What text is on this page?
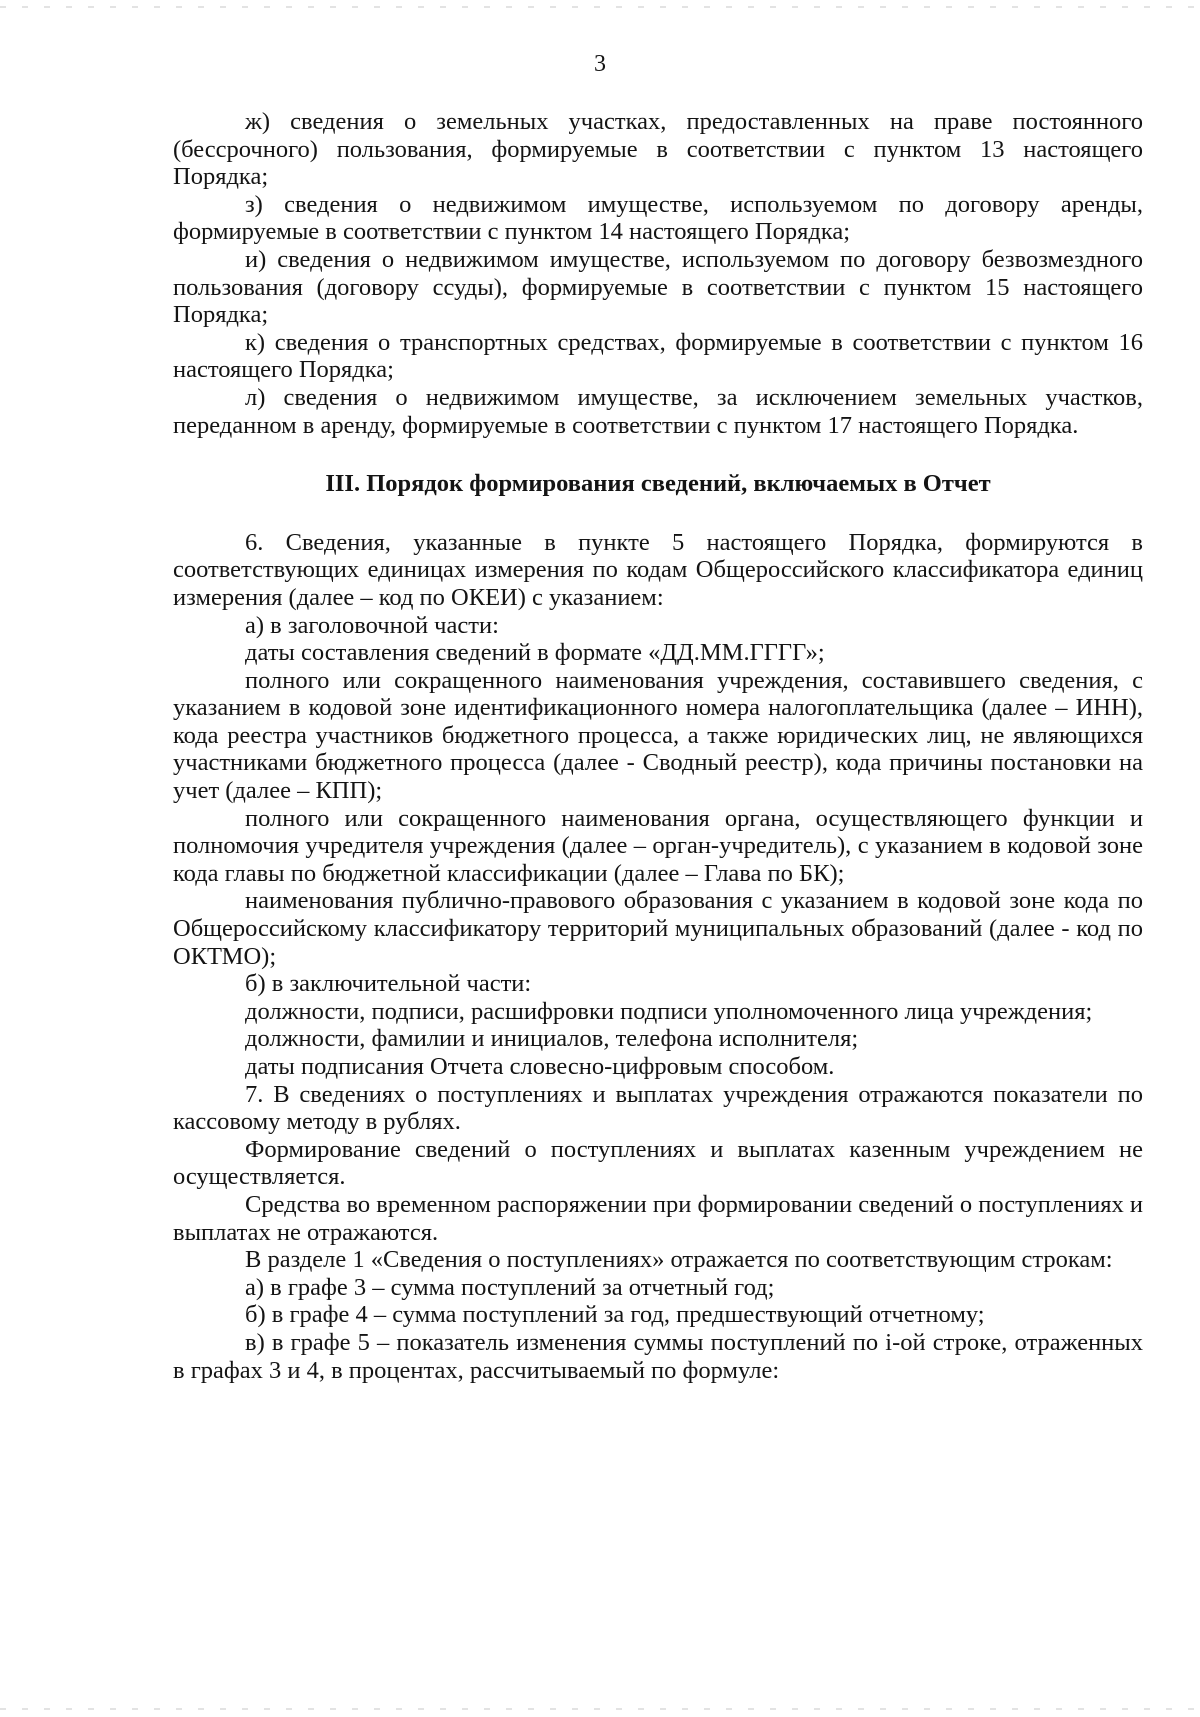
3

ж) сведения о земельных участках, предоставленных на праве постоянного (бессрочного) пользования, формируемые в соответствии с пунктом 13 настоящего Порядка;

з) сведения о недвижимом имуществе, используемом по договору аренды, формируемые в соответствии с пунктом 14 настоящего Порядка;

и) сведения о недвижимом имуществе, используемом по договору безвозмездного пользования (договору ссуды), формируемые в соответствии с пунктом 15 настоящего Порядка;

к) сведения о транспортных средствах, формируемые в соответствии с пунктом 16 настоящего Порядка;

л) сведения о недвижимом имуществе, за исключением земельных участков, переданном в аренду, формируемые в соответствии с пунктом 17 настоящего Порядка.

III. Порядок формирования сведений, включаемых в Отчет

6. Сведения, указанные в пункте 5 настоящего Порядка, формируются в соответствующих единицах измерения по кодам Общероссийского классификатора единиц измерения (далее – код по ОКЕИ) с указанием:

а) в заголовочной части:

даты составления сведений в формате «ДД.ММ.ГГГГ»;

полного или сокращенного наименования учреждения, составившего сведения, с указанием в кодовой зоне идентификационного номера налогоплательщика (далее – ИНН), кода реестра участников бюджетного процесса, а также юридических лиц, не являющихся участниками бюджетного процесса (далее - Сводный реестр), кода причины постановки на учет (далее – КПП);

полного или сокращенного наименования органа, осуществляющего функции и полномочия учредителя учреждения (далее – орган-учредитель), с указанием в кодовой зоне кода главы по бюджетной классификации (далее – Глава по БК);

наименования публично-правового образования с указанием в кодовой зоне кода по Общероссийскому классификатору территорий муниципальных образований (далее - код по ОКТМО);

б) в заключительной части:

должности, подписи, расшифровки подписи уполномоченного лица учреждения;

должности, фамилии и инициалов, телефона исполнителя;

даты подписания Отчета словесно-цифровым способом.

7. В сведениях о поступлениях и выплатах учреждения отражаются показатели по кассовому методу в рублях.

Формирование сведений о поступлениях и выплатах казенным учреждением не осуществляется.

Средства во временном распоряжении при формировании сведений о поступлениях и выплатах не отражаются.

В разделе 1 «Сведения о поступлениях» отражается по соответствующим строкам:

а) в графе 3 – сумма поступлений за отчетный год;

б) в графе 4 – сумма поступлений за год, предшествующий отчетному;

в) в графе 5 – показатель изменения суммы поступлений по i-ой строке, отраженных в графах 3 и 4, в процентах, рассчитываемый по формуле:
